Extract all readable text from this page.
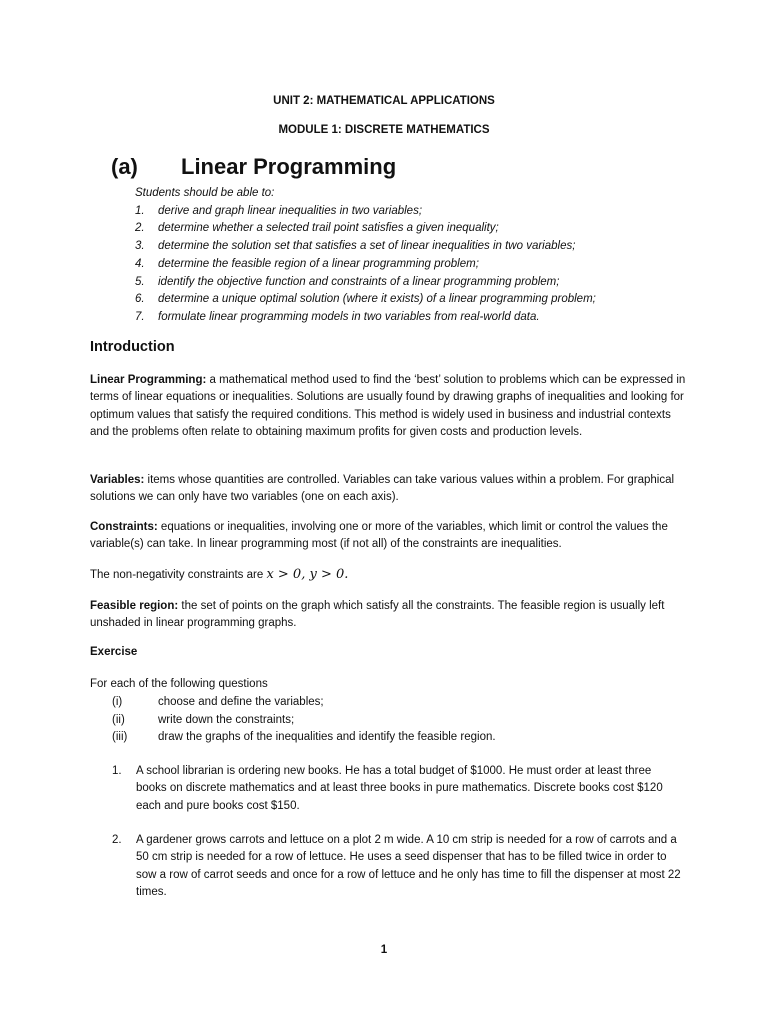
UNIT 2: MATHEMATICAL APPLICATIONS
MODULE 1: DISCRETE MATHEMATICS
(a) Linear Programming
Students should be able to:
1.	derive and graph linear inequalities in two variables;
2.	determine whether a selected trail point satisfies a given inequality;
3.	determine the solution set that satisfies a set of linear inequalities in two variables;
4.	determine the feasible region of a linear programming problem;
5.	identify the objective function and constraints of a linear programming problem;
6.	determine a unique optimal solution (where it exists) of a linear programming problem;
7.	formulate linear programming models in two variables from real-world data.
Introduction

Linear Programming: a mathematical method used to find the ‘best’ solution to problems which can be expressed in terms of linear equations or inequalities. Solutions are usually found by drawing graphs of inequalities and looking for optimum values that satisfy the required conditions. This method is widely used in business and industrial contexts and the problems often relate to obtaining maximum profits for given costs and production levels.

Variables: items whose quantities are controlled. Variables can take various values within a problem. For graphical solutions we can only have two variables (one on each axis).

Constraints: equations or inequalities, involving one or more of the variables, which limit or control the values the variable(s) can take. In linear programming most (if not all) of the constraints are inequalities.

The non-negativity constraints are x > 0, y > 0.

Feasible region: the set of points on the graph which satisfy all the constraints. The feasible region is usually left unshaded in linear programming graphs.

Exercise
For each of the following questions
(i)	choose and define the variables;
(ii)	write down the constraints;
(iii)	draw the graphs of the inequalities and identify the feasible region.
1.	A school librarian is ordering new books. He has a total budget of $1000. He must order at least three books on discrete mathematics and at least three books in pure mathematics. Discrete books cost $120 each and pure books cost $150.
2.	A gardener grows carrots and lettuce on a plot 2 m wide. A 10 cm strip is needed for a row of carrots and a 50 cm strip is needed for a row of lettuce. He uses a seed dispenser that has to be filled twice in order to sow a row of carrot seeds and once for a row of lettuce and he only has time to fill the dispenser at most 22 times.
1
